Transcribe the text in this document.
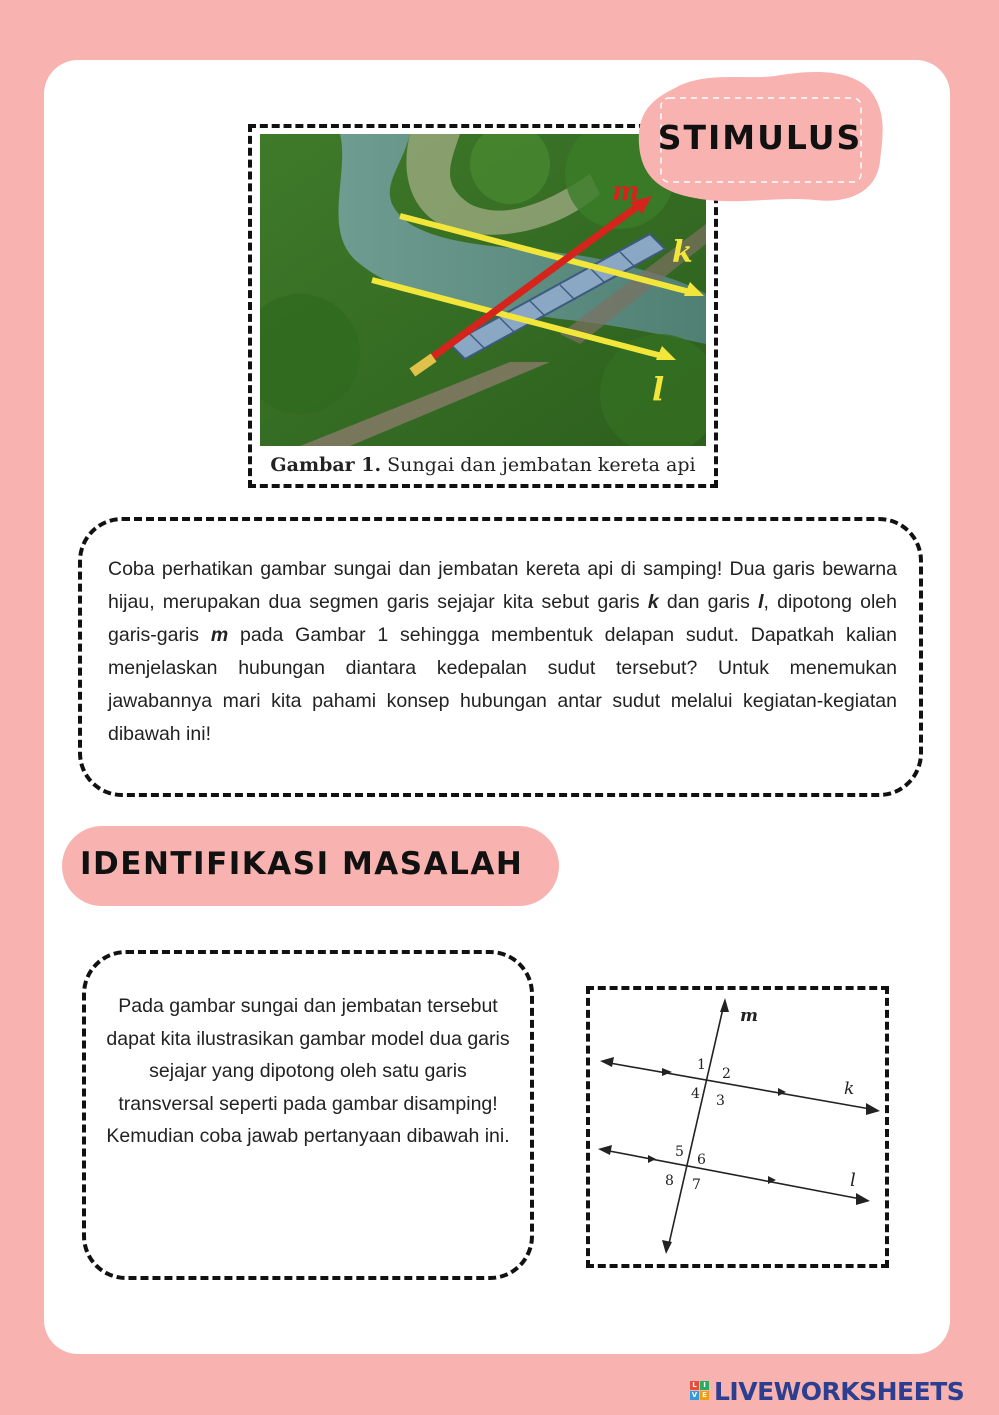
m
k
l
Gambar 1. Sungai dan jembatan kereta api
STIMULUS
Coba perhatikan gambar sungai dan jembatan kereta api di samping! Dua garis bewarna hijau, merupakan dua segmen garis sejajar kita sebut garis k dan garis l, dipotong oleh garis-garis m pada Gambar 1 sehingga membentuk delapan sudut. Dapatkah kalian menjelaskan hubungan diantara kedepalan sudut tersebut? Untuk menemukan jawabannya mari kita pahami konsep hubungan antar sudut melalui kegiatan-kegiatan dibawah ini!
IDENTIFIKASI MASALAH
Pada gambar sungai dan jembatan tersebut dapat kita ilustrasikan gambar model dua garis sejajar yang dipotong oleh satu garis transversal seperti pada gambar disamping! Kemudian coba jawab pertanyaan dibawah ini.
m
k
l
1
2
3
4
5 6
7
8
L I
V E LIVEWORKSHEETS
